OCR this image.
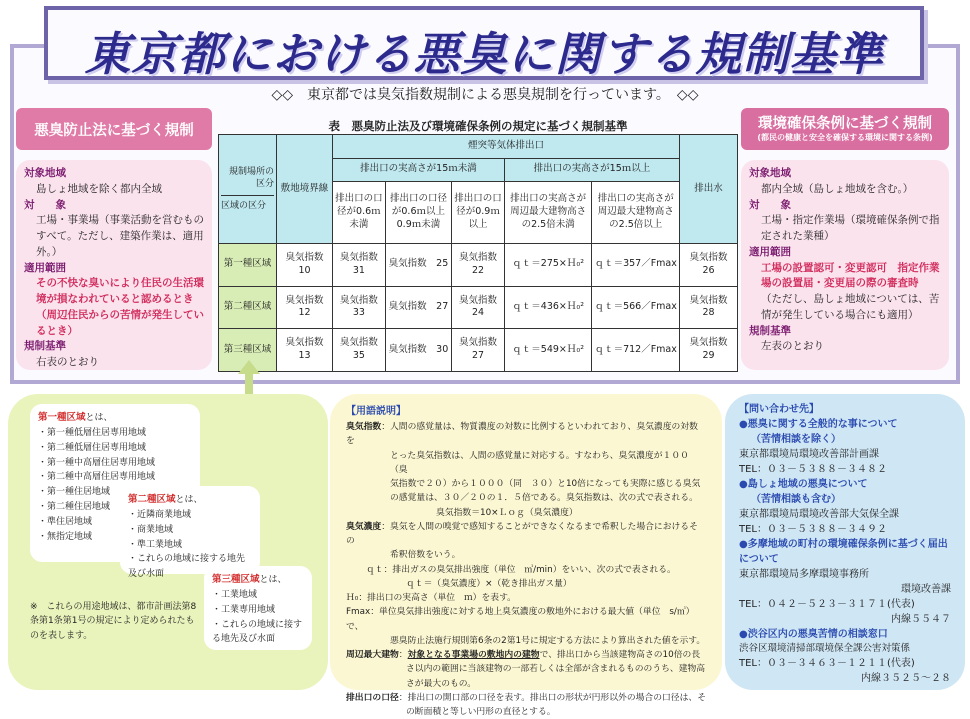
東京都における悪臭に関する規制基準
◇◇　東京都では臭気指数規制による悪臭規制を行っています。　◇◇
悪臭防止法に基づく規制
対象地域
島しょ地域を除く都内全域
対　　象
工場・事業場（事業活動を営むものすべて。ただし、建築作業は、適用外。）
適用範囲
その不快な臭いにより住民の生活環境が損なわれていると認めるとき（周辺住民からの苦情が発生しているとき）
規制基準
右表のとおり
環境確保条例に基づく規制
(都民の健康と安全を確保する環境に関する条例)
対象地域
都内全域（島しょ地域を含む。）
対　　象
工場・指定作業場（環境確保条例で指定された業種）
適用範囲
工場の設置認可・変更認可　指定作業場の設置届・変更届の際の審査時
（ただし、島しょ地域については、苦情が発生している場合にも適用）
規制基準
左表のとおり
表　悪臭防止法及び環境確保条例の規定に基づく規制基準
規制場所の区分
区域の区分	敷地境界線	煙突等気体排出口					排出水
		排出口の実高さが15ｍ未満			排出口の実高さが15ｍ以上		
		排出口の口径が0.6ｍ未満	排出口の口径が0.6ｍ以上0.9ｍ未満	排出口の口径が0.9ｍ以上	排出口の実高さが周辺最大建物高さの2.5倍未満	排出口の実高さが周辺最大建物高さの2.5倍以上	
第一種区域	臭気指数　10	臭気指数　31	臭気指数　25	臭気指数　22	ｑｔ＝275×Ｈ₀²	ｑｔ＝357／Fmax	臭気指数　26
第二種区域	臭気指数　12	臭気指数　33	臭気指数　27	臭気指数　24	ｑｔ＝436×Ｈ₀²	ｑｔ＝566／Fmax	臭気指数　28
第三種区域	臭気指数　13	臭気指数　35	臭気指数　30	臭気指数　27	ｑｔ＝549×Ｈ₀²	ｑｔ＝712／Fmax	臭気指数　29
第一種区域とは、
・第一種低層住居専用地域
・第二種低層住居専用地域
・第一種中高層住居専用地域
・第二種中高層住居専用地域
・第一種住居地域
・第二種住居地域
・準住居地域
・無指定地域
第二種区域とは、
・近隣商業地域
・商業地域
・準工業地域
・これらの地域に接する地先及び水面	第三種区域とは、
・工業地域
・工業専用地域
・これらの地域に接する地先及び水面
※　これらの用途地域は、都市計画法第8条第1条第1号の規定により定められたものを表します。
【用語説明】
臭気指数：人間の感覚量は、物質濃度の対数に比例するといわれており、臭気濃度の対数を
とった臭気指数は、人間の感覚量に対応する。すなわち、臭気濃度が１００（臭
気指数で２０）から１０００（同　３０）と10倍になっても実際に感じる臭気
の感覚量は、３０／２０の１．５倍である。臭気指数は、次の式で表される。
臭気指数＝10×Ｌｏｇ（臭気濃度）
臭気濃度：臭気を人間の嗅覚で感知することができなくなるまで希釈した場合におけるその
希釈倍数をいう。
ｑｔ：排出ガスの臭気排出強度（単位　㎥/min）をいい、次の式で表される。
ｑｔ＝（臭気濃度）×（乾き排出ガス量）
Ｈ₀：排出口の実高さ（単位　ｍ）を表す。
Fmax：単位臭気排出強度に対する地上臭気濃度の敷地外における最大値（単位　s/㎥）で、
悪臭防止法施行規則第6条の2第1号に規定する方法により算出された値を示す。
周辺最大建物：対象となる事業場の敷地内の建物で、排出口から当該建物高さの10倍の長
さ以内の範囲に当該建物の一部若しくは全部が含まれるもののうち、建物高
さが最大のもの。
排出口の口径：排出口の開口部の口径を表す。排出口の形状が円形以外の場合の口径は、そ
の断面積と等しい円形の直径とする。
【問い合わせ先】
●悪臭に関する全般的な事について
（苦情相談を除く）
東京都環境局環境改善部計画課
TEL：０３－５３８８－３４８２
●島しょ地域の悪臭について
（苦情相談も含む）
東京都環境局環境改善部大気保全課
TEL：０３－５３８８－３４９２
●多摩地域の町村の環境確保条例に基づく届出について
東京都環境局多摩環境事務所
環境改善課
TEL：０４２－５２３－３１７１(代表)
内線５５４７
●渋谷区内の悪臭苦情の相談窓口
渋谷区環境清掃部環境保全課公害対策係
TEL：０３－３４６３－１２１１(代表)
内線３５２５～２８
